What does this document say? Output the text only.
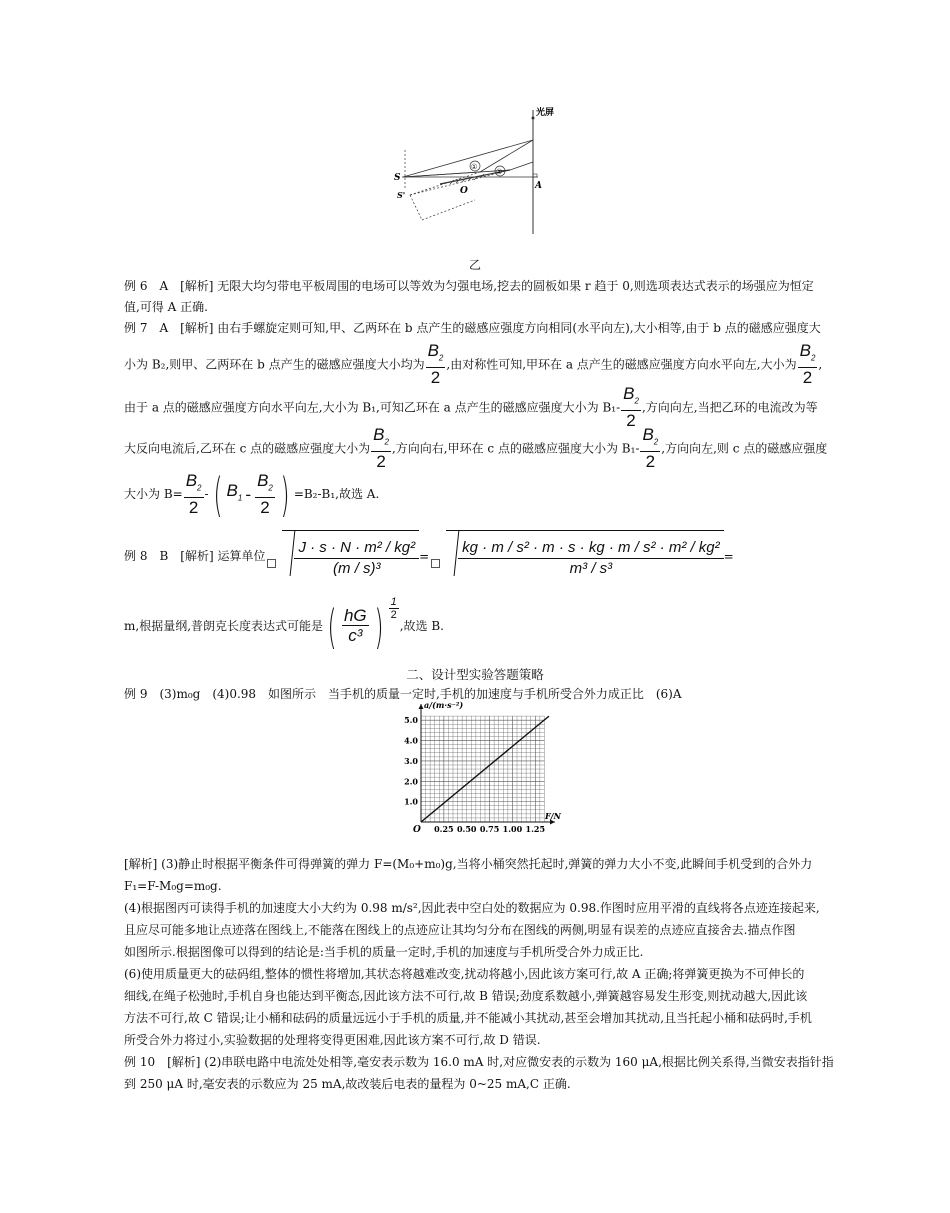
光屏
S
S'	O	A
①
②
乙
例 6　A　[解析] 无限大均匀带电平板周围的电场可以等效为匀强电场,挖去的圆板如果 r 趋于 0,则选项表达式表示的场强应为恒定
值,可得 A 正确.
例 7　A　[解析] 由右手螺旋定则可知,甲、乙两环在 b 点产生的磁感应强度方向相同(水平向左),大小相等,由于 b 点的磁感应强度大
小为 B₂,则甲、乙两环在 b 点产生的磁感应强度大小均为 $\frac{B_2}{2}$ ,由对称性可知,甲环在 a 点产生的磁感应强度方向水平向左,大小为 $\frac{B_2}{2}$ ,
由于 a 点的磁感应强度方向水平向左,大小为 B₁,可知乙环在 a 点产生的磁感应强度大小为 $B_1- \frac{B_2}{2}$ ,方向向左,当把乙环的电流改为等
大反向电流后,乙环在 c 点的磁感应强度大小为 $\frac{B_2}{2}$ ,方向向右,甲环在 c 点的磁感应强度大小为 $B_1- \frac{B_2}{2}$ ,方向向左,则 c 点的磁感应强度
大小为 $B= \frac{B_2}{2}$ -( $B_1 - \frac{B_2}{2}$ ) =B₂-B₁,故选 A.
例 8　B　[解析] 运算单位 $\frac{\text{J · s · N · m² / kg²}}{\text{(m / s)³}} = \frac{\text{kg · m / s² · m · s · kg · m / s² · m² / kg²}}{\text{m³ / s³}}$ =
m,根据量纲,普朗克长度表达式可能是( $\frac{hG}{\text{c³}}$ ) $\frac{1}{2}$
,故选 B.
二、设计型实验答题策略
例 9　(3)m₀g　(4)0.98　如图所示　当手机的质量一定时,手机的加速度与手机所受合外力成正比　(6)A
0.25 0.50 0.75 1.00 1.25
1.0
2.0
3.0
4.0
5.0
O
F/N
a/(m·s⁻²)
[解析] (3)静止时根据平衡条件可得弹簧的弹力 F=(M₀+m₀)g,当将小桶突然托起时,弹簧的弹力大小不变,此瞬间手机受到的合外力
F₁=F-M₀g=m₀g.
(4)根据图丙可读得手机的加速度大小大约为 0.98 m/s²,因此表中空白处的数据应为 0.98.作图时应用平滑的直线将各点迹连接起来,
且应尽可能多地让点迹落在图线上,不能落在图线上的点迹应让其均匀分布在图线的两侧,明显有误差的点迹应直接舍去.描点作图
如图所示.根据图像可以得到的结论是:当手机的质量一定时,手机的加速度与手机所受合外力成正比.
(6)使用质量更大的砝码组,整体的惯性将增加,其状态将越难改变,扰动将越小,因此该方案可行,故 A 正确;将弹簧更换为不可伸长的
细线,在绳子松弛时,手机自身也能达到平衡态,因此该方法不可行,故 B 错误;劲度系数越小,弹簧越容易发生形变,则扰动越大,因此该
方法不可行,故 C 错误;让小桶和砝码的质量远远小于手机的质量,并不能减小其扰动,甚至会增加其扰动,且当托起小桶和砝码时,手机
所受合外力将过小,实验数据的处理将变得更困难,因此该方案不可行,故 D 错误.
例 10　[解析] (2)串联电路中电流处处相等,毫安表示数为 16.0 mA 时,对应微安表的示数为 160 μA,根据比例关系得,当微安表指针指
到 250 μA 时,毫安表的示数应为 25 mA,故改装后电表的量程为 0~25 mA,C 正确.
